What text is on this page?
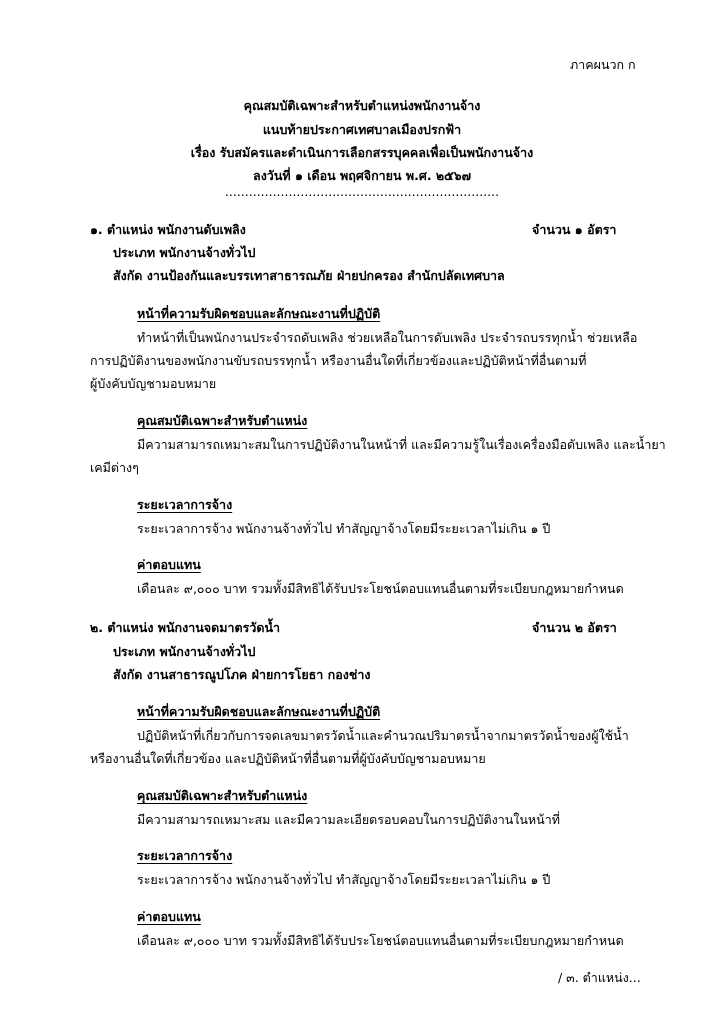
ภาคผนวก ก
คุณสมบัติเฉพาะสำหรับตำแหน่งพนักงานจ้าง
แนบท้ายประกาศเทศบาลเมืองปรกฟ้า
เรื่อง รับสมัครและดำเนินการเลือกสรรบุคคลเพื่อเป็นพนักงานจ้าง
ลงวันที่ ๑ เดือน พฤศจิกายน พ.ศ. ๒๕๖๗
.....................................................................
๑. ตำแหน่ง พนักงานดับเพลิง	จำนวน ๑ อัตรา
ประเภท พนักงานจ้างทั่วไป
สังกัด งานป้องกันและบรรเทาสาธารณภัย ฝ่ายปกครอง สำนักปลัดเทศบาล
หน้าที่ความรับผิดชอบและลักษณะงานที่ปฏิบัติ
ทำหน้าที่เป็นพนักงานประจำรถดับเพลิง ช่วยเหลือในการดับเพลิง ประจำรถบรรทุกน้ำ ช่วยเหลือ
การปฏิบัติงานของพนักงานขับรถบรรทุกน้ำ หรืองานอื่นใดที่เกี่ยวข้องและปฏิบัติหน้าที่อื่นตามที่
ผู้บังคับบัญชามอบหมาย
คุณสมบัติเฉพาะสำหรับตำแหน่ง
มีความสามารถเหมาะสมในการปฏิบัติงานในหน้าที่ และมีความรู้ในเรื่องเครื่องมือดับเพลิง และน้ำยา
เคมีต่างๆ
ระยะเวลาการจ้าง
ระยะเวลาการจ้าง พนักงานจ้างทั่วไป ทำสัญญาจ้างโดยมีระยะเวลาไม่เกิน ๑ ปี
ค่าตอบแทน
เดือนละ ๙,๐๐๐ บาท รวมทั้งมีสิทธิได้รับประโยชน์ตอบแทนอื่นตามที่ระเบียบกฎหมายกำหนด
๒. ตำแหน่ง พนักงานจดมาตรวัดน้ำ	จำนวน ๒ อัตรา
ประเภท พนักงานจ้างทั่วไป
สังกัด งานสาธารณูปโภค ฝ่ายการโยธา กองช่าง
หน้าที่ความรับผิดชอบและลักษณะงานที่ปฏิบัติ
ปฏิบัติหน้าที่เกี่ยวกับการจดเลขมาตรวัดน้ำและคำนวณปริมาตรน้ำจากมาตรวัดน้ำของผู้ใช้น้ำ
หรืองานอื่นใดที่เกี่ยวข้อง และปฏิบัติหน้าที่อื่นตามที่ผู้บังคับบัญชามอบหมาย
คุณสมบัติเฉพาะสำหรับตำแหน่ง
มีความสามารถเหมาะสม และมีความละเอียดรอบคอบในการปฏิบัติงานในหน้าที่
ระยะเวลาการจ้าง
ระยะเวลาการจ้าง พนักงานจ้างทั่วไป ทำสัญญาจ้างโดยมีระยะเวลาไม่เกิน ๑ ปี
ค่าตอบแทน
เดือนละ ๙,๐๐๐ บาท รวมทั้งมีสิทธิได้รับประโยชน์ตอบแทนอื่นตามที่ระเบียบกฎหมายกำหนด
/ ๓. ตำแหน่ง...
